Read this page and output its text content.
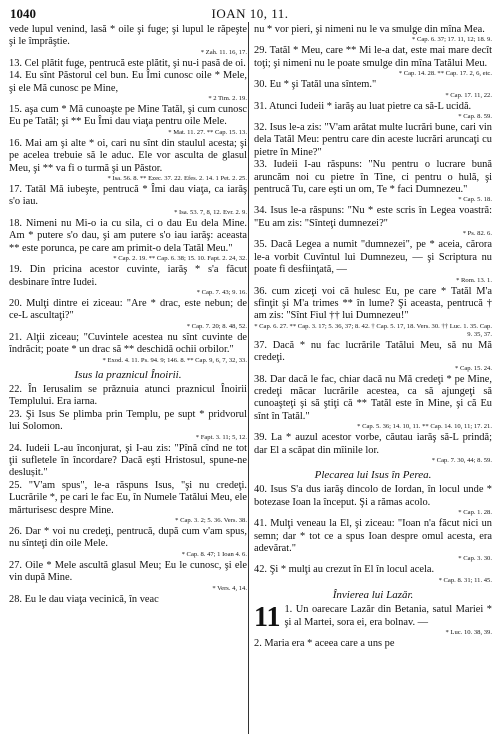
1040	IOAN 10, 11.
vede lupul venind, lasă * oile şi fuge; şi lupul le răpeşte şi le împrăştie.
* Zah. 11. 16, 17.
13. Cel plătit fuge, pentrucă este plătit, şi nu-i pasă de oi.
14. Eu sînt Păstorul cel bun. Eu Îmi cunosc oile * Mele, şi ele Mă cunosc pe Mine,
* 2 Tim. 2. 19.
15. aşa cum * Mă cunoaşte pe Mine Tatăl, şi cum cunosc Eu pe Tatăl; şi ** Eu Îmi dau viaţa pentru oile Mele.
* Mat. 11. 27. ** Cap. 15. 13.
16. Mai am şi alte * oi, cari nu sînt din staulul acesta; şi pe acelea trebuie să le aduc. Ele vor asculta de glasul Meu, şi ** va fi o turmă şi un Păstor.
* Isa. 56. 8. ** Ezec. 37. 22. Efes. 2. 14. 1 Pet. 2. 25.
17. Tatăl Mă iubeşte, pentrucă * Îmi dau viaţa, ca iarăş s'o iau.
* Isa. 53. 7, 8, 12. Evr. 2. 9.
18. Nimeni nu Mi-o ia cu sila, ci o dau Eu dela Mine. Am * putere s'o dau, şi am putere s'o iau iarăş: aceasta ** este porunca, pe care am primit-o dela Tatăl Meu."
* Cap. 2. 19. ** Cap. 6. 38; 15. 10. Fapt. 2. 24, 32.
19. Din pricina acestor cuvinte, iarăş * s'a făcut desbinare între Iudei.
* Cap. 7. 43; 9. 16.
20. Mulţi dintre ei ziceau: "Are * drac, este nebun; de ce-L ascultaţi?"
* Cap. 7. 20; 8. 48, 52.
21. Alţii ziceau; "Cuvintele acestea nu sînt cuvinte de îndrăcit; poate * un drac să ** deschidă ochii orbilor."
* Exod. 4. 11. Ps. 94. 9; 146. 8. ** Cap. 9, 6, 7, 32, 33.
Isus la praznicul Înoirii.
22. În Ierusalim se prăznuia atunci praznicul Înoirii Templului. Era iarna.
23. Şi Isus Se plimba prin Templu, pe supt * pridvorul lui Solomon.
* Fapt. 3. 11; 5, 12.
24. Iudeii L-au înconjurat, şi I-au zis: "Pînă cînd ne tot ţii sufletele în încordare? Dacă eşti Hristosul, spune-ne deslușit."
25. "V'am spus", le-a răspuns Isus, "şi nu credeţi. Lucrările *, pe cari le fac Eu, în Numele Tatălui Meu, ele mărturisesc despre Mine.
* Cap. 3. 2; 5. 36. Vers. 38.
26. Dar * voi nu credeţi, pentrucă, după cum v'am spus, nu sînteţi din oile Mele.
* Cap. 8. 47; 1 Ioan 4. 6.
27. Oile * Mele ascultă glasul Meu; Eu le cunosc, şi ele vin după Mine.
* Vers. 4, 14.
28. Eu le dau viaţa vecinică, în veac
nu * vor pieri, şi nimeni nu le va smulge din mîna Mea.
* Cap. 6. 37; 17. 11, 12; 18. 9.
29. Tatăl * Meu, care ** Mi le-a dat, este mai mare decît toţi; şi nimeni nu le poate smulge din mîna Tatălui Meu.
* Cap. 14. 28. ** Cap. 17. 2, 6, etc.
30. Eu * şi Tatăl una sîntem."
* Cap. 17. 11, 22.
31. Atunci Iudeii * iarăş au luat pietre ca să-L ucidă.
* Cap. 8. 59.
32. Isus le-a zis: "V'am arătat multe lucrări bune, cari vin dela Tatăl Meu: pentru care din aceste lucrări aruncaţi cu pietre în Mine?"
33. Iudeii I-au răspuns: "Nu pentru o lucrare bună aruncăm noi cu pietre în Tine, ci pentru o hulă, şi pentrucă Tu, care eşti un om, Te * faci Dumnezeu."
* Cap. 5. 18.
34. Isus le-a răspuns: "Nu * este scris în Legea voastră: "Eu am zis: "Sînteţi dumnezei?"
* Ps. 82. 6.
35. Dacă Legea a numit "dumnezei", pe * aceia, cărora le-a vorbit Cuvîntul lui Dumnezeu, — şi Scriptura nu poate fi desfiinţată, —
* Rom. 13. 1.
36. cum ziceţi voi că hulesc Eu, pe care * Tatăl M'a sfinţit şi M'a trimes ** în lume? Şi aceasta, pentrucă † am zis: "Sînt Fiul †† lui Dumnezeu!"
* Cap. 6. 27. ** Cap. 3. 17; 5. 36, 37; 8. 42. † Cap. 5. 17, 18. Vers. 30. †† Luc. 1. 35. Cap. 9. 35, 37.
37. Dacă * nu fac lucrările Tatălui Meu, să nu Mă credeţi.
* Cap. 15. 24.
38. Dar dacă le fac, chiar dacă nu Mă credeţi * pe Mine, credeţi măcar lucrările acestea, ca să ajungeţi să cunoaşteţi şi să ştiţi că ** Tatăl este în Mine, şi că Eu sînt în Tatăl."
* Cap. 5. 36; 14. 10, 11. ** Cap. 14. 10, 11; 17. 21.
39. La * auzul acestor vorbe, căutau iarăş să-L prindă; dar El a scăpat din mîinile lor.
* Cap. 7. 30, 44; 8. 59.
Plecarea lui Isus în Perea.
40. Isus S'a dus iarăş dincolo de Iordan, în locul unde * botezase Ioan la început. Şi a rămas acolo.
* Cap. 1. 28.
41. Mulţi veneau la El, şi ziceau: "Ioan n'a făcut nici un semn; dar * tot ce a spus Ioan despre omul acesta, era adevărat."
* Cap. 3. 30.
42. Şi * mulţi au crezut în El în locul acela.
* Cap. 8. 31; 11. 45.
Învierea lui Lazăr.
11 1. Un oarecare Lazăr din Betania, satul Mariei * şi al Martei, sora ei, era bolnav. —
* Luc. 10. 38, 39.
2. Maria era * aceea care a uns pe
